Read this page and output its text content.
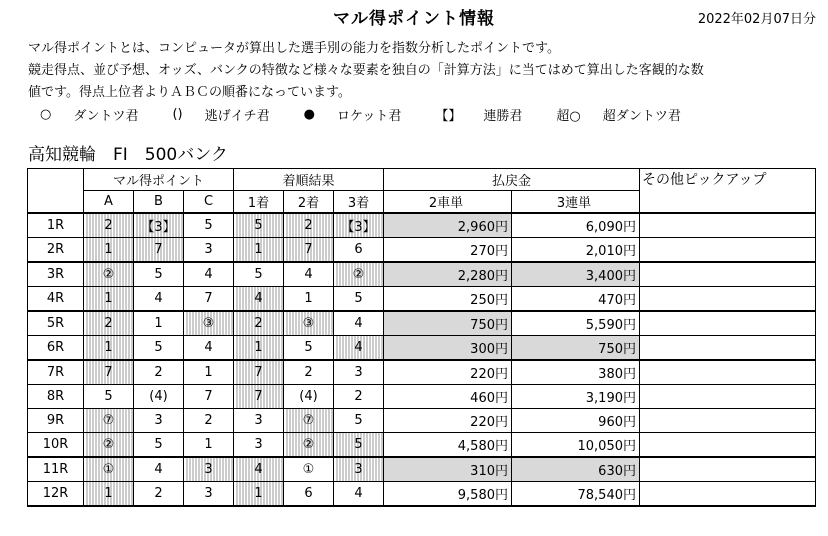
マル得ポイント情報	2022年02月07日分

マル得ポイントとは、コンピュータが算出した選手別の能力を指数分析したポイントです。

競走得点、並び予想、オッズ、バンクの特徴など様々な要素を独自の「計算方法」に当てはめて算出した客観的な数

値です。得点上位者よりＡＢＣの順番になっています。

○ ダントツ君	() 逃げイチ君	● ロケット君	【】 連勝君	超○ 超ダントツ君
高知競輪　FI　500バンク
	マル得ポイント			着順結果			払戻金		その他ピックアップ
	A	B	C	1着	2着	3着	2車単	3連単	
1R	2	【3】	5	5	2	【3】	2,960円	6,090円	
2R	1	7	3	1	7	6	270円	2,010円	
3R	②	5	4	5	4	②	2,280円	3,400円	
4R	1	4	7	4	1	5	250円	470円	
5R	2	1	③	2	③	4	750円	5,590円	
6R	1	5	4	1	5	4	300円	750円	
7R	7	2	1	7	2	3	220円	380円	
8R	5	(4)	7	7	(4)	2	460円	3,190円	
9R	⑦	3	2	3	⑦	5	220円	960円	
10R	②	5	1	3	②	5	4,580円	10,050円	
11R	①	4	3	4	①	3	310円	630円	
12R	1	2	3	1	6	4	9,580円	78,540円	
